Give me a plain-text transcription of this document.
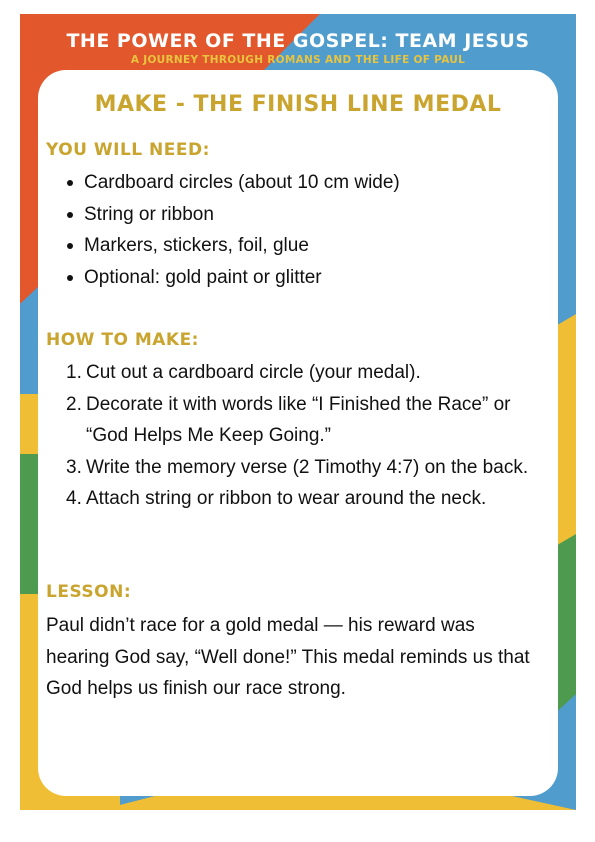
THE POWER OF THE GOSPEL: TEAM JESUS
A JOURNEY THROUGH ROMANS AND THE LIFE OF PAUL
MAKE - THE FINISH LINE MEDAL
YOU WILL NEED:
Cardboard circles (about 10 cm wide)
String or ribbon
Markers, stickers, foil, glue
Optional: gold paint or glitter
HOW TO MAKE:
1. Cut out a cardboard circle (your medal).
2. Decorate it with words like “I Finished the Race” or “God Helps Me Keep Going.”
3. Write the memory verse (2 Timothy 4:7) on the back.
4. Attach string or ribbon to wear around the neck.
LESSON:
Paul didn’t race for a gold medal — his reward was hearing God say, “Well done!” This medal reminds us that God helps us finish our race strong.
